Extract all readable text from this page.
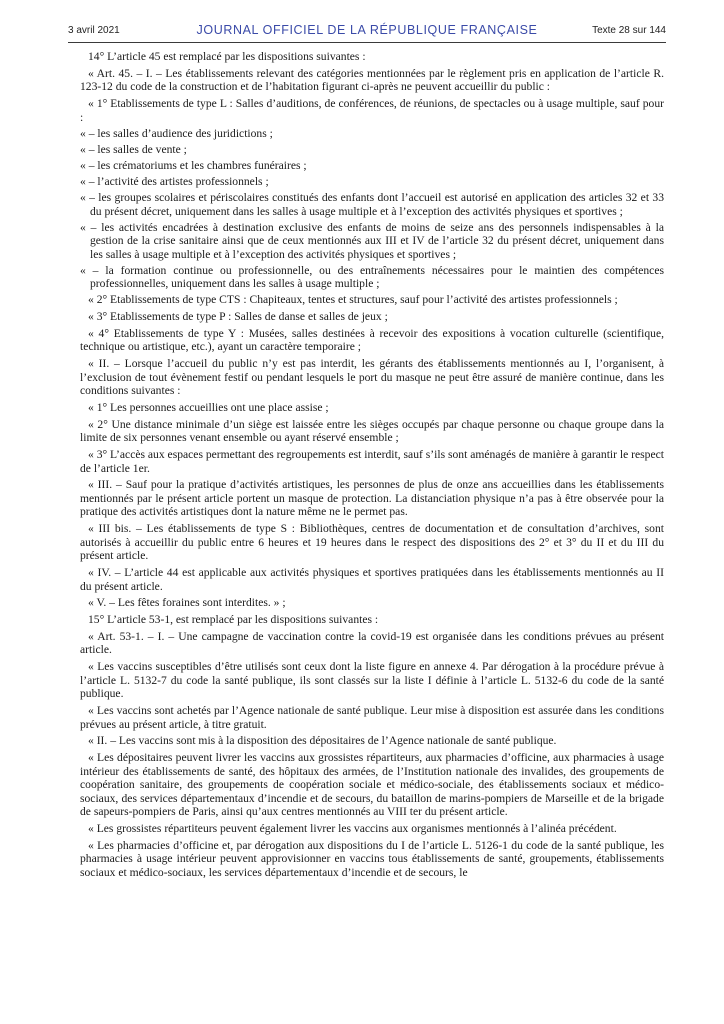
3 avril 2021	JOURNAL OFFICIEL DE LA RÉPUBLIQUE FRANÇAISE	Texte 28 sur 144

14° L’article 45 est remplacé par les dispositions suivantes :

« Art. 45. – I. – Les établissements relevant des catégories mentionnées par le règlement pris en application de l’article R. 123-12 du code de la construction et de l’habitation figurant ci-après ne peuvent accueillir du public :

« 1° Etablissements de type L : Salles d’auditions, de conférences, de réunions, de spectacles ou à usage multiple, sauf pour :

« – les salles d’audience des juridictions ;

« – les salles de vente ;

« – les crématoriums et les chambres funéraires ;

« – l’activité des artistes professionnels ;

« – les groupes scolaires et périscolaires constitués des enfants dont l’accueil est autorisé en application des articles 32 et 33 du présent décret, uniquement dans les salles à usage multiple et à l’exception des activités physiques et sportives ;

« – les activités encadrées à destination exclusive des enfants de moins de seize ans des personnels indispensables à la gestion de la crise sanitaire ainsi que de ceux mentionnés aux III et IV de l’article 32 du présent décret, uniquement dans les salles à usage multiple et à l’exception des activités physiques et sportives ;

« – la formation continue ou professionnelle, ou des entraînements nécessaires pour le maintien des compétences professionnelles, uniquement dans les salles à usage multiple ;

« 2° Etablissements de type CTS : Chapiteaux, tentes et structures, sauf pour l’activité des artistes professionnels ;

« 3° Etablissements de type P : Salles de danse et salles de jeux ;

« 4° Etablissements de type Y : Musées, salles destinées à recevoir des expositions à vocation culturelle (scientifique, technique ou artistique, etc.), ayant un caractère temporaire ;

« II. – Lorsque l’accueil du public n’y est pas interdit, les gérants des établissements mentionnés au I, l’organisent, à l’exclusion de tout évènement festif ou pendant lesquels le port du masque ne peut être assuré de manière continue, dans les conditions suivantes :

« 1° Les personnes accueillies ont une place assise ;

« 2° Une distance minimale d’un siège est laissée entre les sièges occupés par chaque personne ou chaque groupe dans la limite de six personnes venant ensemble ou ayant réservé ensemble ;

« 3° L’accès aux espaces permettant des regroupements est interdit, sauf s’ils sont aménagés de manière à garantir le respect de l’article 1er.

« III. – Sauf pour la pratique d’activités artistiques, les personnes de plus de onze ans accueillies dans les établissements mentionnés par le présent article portent un masque de protection. La distanciation physique n’a pas à être observée pour la pratique des activités artistiques dont la nature même ne le permet pas.

« III bis. – Les établissements de type S : Bibliothèques, centres de documentation et de consultation d’archives, sont autorisés à accueillir du public entre 6 heures et 19 heures dans le respect des dispositions des 2° et 3° du II et du III du présent article.

« IV. – L’article 44 est applicable aux activités physiques et sportives pratiquées dans les établissements mentionnés au II du présent article.

« V. – Les fêtes foraines sont interdites. » ;

15° L’article 53-1, est remplacé par les dispositions suivantes :

« Art. 53-1. – I. – Une campagne de vaccination contre la covid-19 est organisée dans les conditions prévues au présent article.

« Les vaccins susceptibles d’être utilisés sont ceux dont la liste figure en annexe 4. Par dérogation à la procédure prévue à l’article L. 5132-7 du code la santé publique, ils sont classés sur la liste I définie à l’article L. 5132-6 du code de la santé publique.

« Les vaccins sont achetés par l’Agence nationale de santé publique. Leur mise à disposition est assurée dans les conditions prévues au présent article, à titre gratuit.

« II. – Les vaccins sont mis à la disposition des dépositaires de l’Agence nationale de santé publique.

« Les dépositaires peuvent livrer les vaccins aux grossistes répartiteurs, aux pharmacies d’officine, aux pharmacies à usage intérieur des établissements de santé, des hôpitaux des armées, de l’Institution nationale des invalides, des groupements de coopération sanitaire, des groupements de coopération sociale et médico-sociale, des établissements sociaux et médico-sociaux, des services départementaux d’incendie et de secours, du bataillon de marins-pompiers de Marseille et de la brigade de sapeurs-pompiers de Paris, ainsi qu’aux centres mentionnés au VIII ter du présent article.

« Les grossistes répartiteurs peuvent également livrer les vaccins aux organismes mentionnés à l’alinéa précédent.

« Les pharmacies d’officine et, par dérogation aux dispositions du I de l’article L. 5126-1 du code de la santé publique, les pharmacies à usage intérieur peuvent approvisionner en vaccins tous établissements de santé, groupements, établissements sociaux et médico-sociaux, les services départementaux d’incendie et de secours, le
